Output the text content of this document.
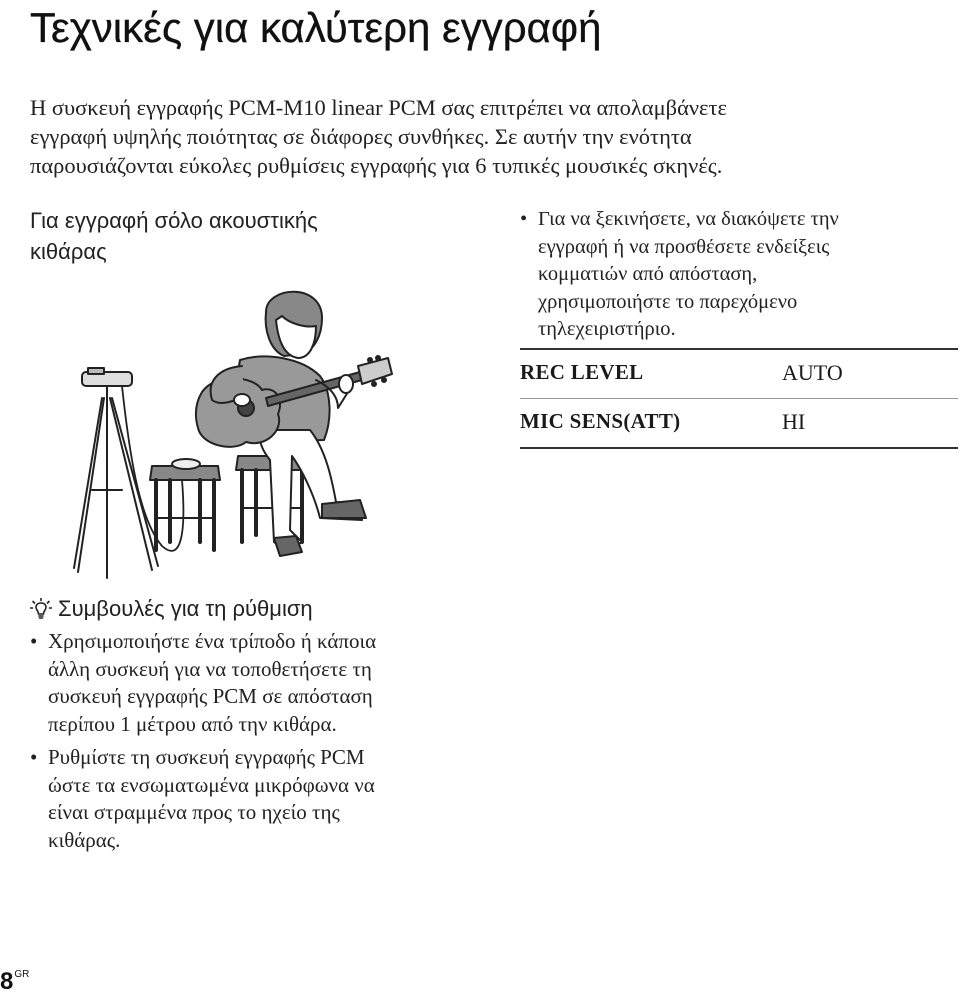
Τεχνικές για καλύτερη εγγραφή
Η συσκευή εγγραφής PCM-M10 linear PCM σας επιτρέπει να απολαμβάνετε
εγγραφή υψηλής ποιότητας σε διάφορες συνθήκες. Σε αυτήν την ενότητα
παρουσιάζονται εύκολες ρυθμίσεις εγγραφής για 6 τυπικές μουσικές σκηνές.
Για εγγραφή σόλο ακουστικής
κιθάρας
• Για να ξεκινήσετε, να διακόψετε την
εγγραφή ή να προσθέσετε ενδείξεις
κομματιών από απόσταση,
χρησιμοποιήστε το παρεχόμενο
τηλεχειριστήριο.
REC LEVEL	AUTO
MIC SENS(ATT)	HI
Συμβουλές για τη ρύθμιση
• Χρησιμοποιήστε ένα τρίποδο ή κάποια
άλλη συσκευή για να τοποθετήσετε τη
συσκευή εγγραφής PCM σε απόσταση
περίπου 1 μέτρου από την κιθάρα.
• Ρυθμίστε τη συσκευή εγγραφής PCM
ώστε τα ενσωματωμένα μικρόφωνα να
είναι στραμμένα προς το ηχείο της
κιθάρας.
$8^{GR}$
